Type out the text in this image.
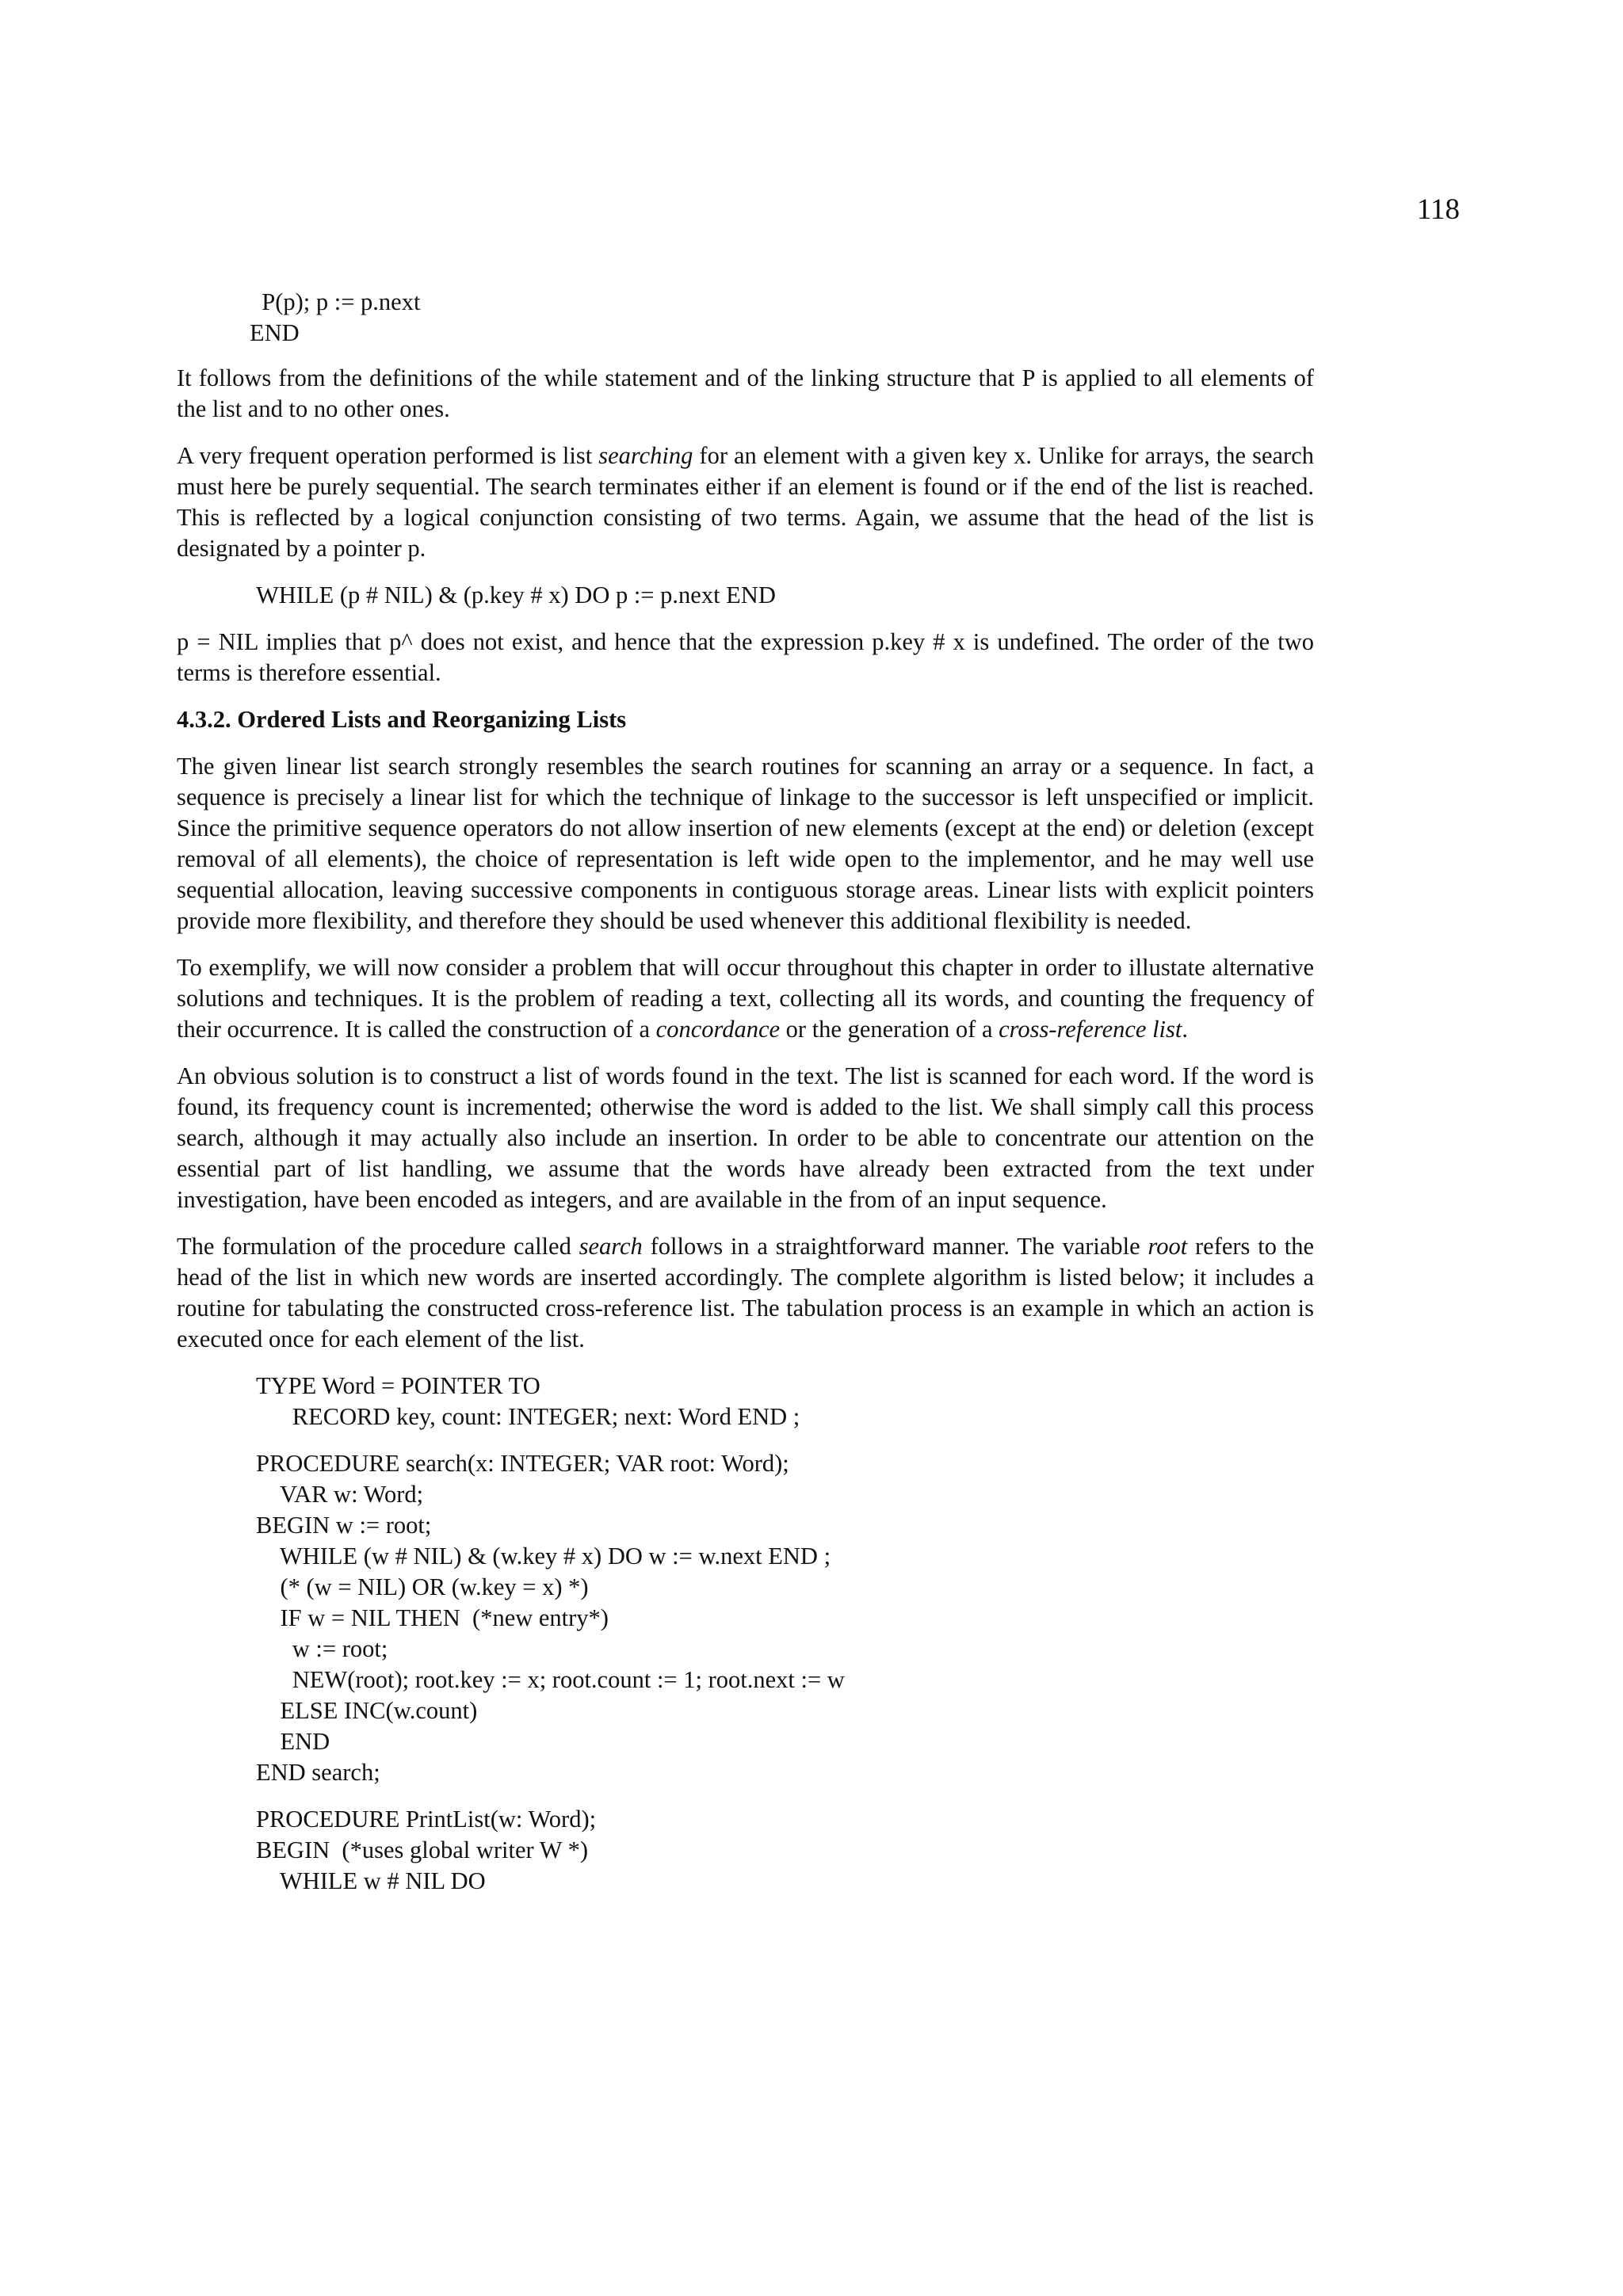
118
P(p); p := p.next
END

It follows from the definitions of the while statement and of the linking structure that P is applied to all elements of the list and to no other ones.

A very frequent operation performed is list searching for an element with a given key x. Unlike for arrays, the search must here be purely sequential. The search terminates either if an element is found or if the end of the list is reached. This is reflected by a logical conjunction consisting of two terms. Again, we assume that the head of the list is designated by a pointer p.

WHILE (p # NIL) & (p.key # x) DO p := p.next END

p = NIL implies that p^ does not exist, and hence that the expression p.key # x is undefined. The order of the two terms is therefore essential.

4.3.2. Ordered Lists and Reorganizing Lists

The given linear list search strongly resembles the search routines for scanning an array or a sequence. In fact, a sequence is precisely a linear list for which the technique of linkage to the successor is left unspecified or implicit. Since the primitive sequence operators do not allow insertion of new elements (except at the end) or deletion (except removal of all elements), the choice of representation is left wide open to the implementor, and he may well use sequential allocation, leaving successive components in contiguous storage areas. Linear lists with explicit pointers provide more flexibility, and therefore they should be used whenever this additional flexibility is needed.

To exemplify, we will now consider a problem that will occur throughout this chapter in order to illustate alternative solutions and techniques. It is the problem of reading a text, collecting all its words, and counting the frequency of their occurrence. It is called the construction of a concordance or the generation of a cross-reference list.

An obvious solution is to construct a list of words found in the text. The list is scanned for each word. If the word is found, its frequency count is incremented; otherwise the word is added to the list. We shall simply call this process search, although it may actually also include an insertion. In order to be able to concentrate our attention on the essential part of list handling, we assume that the words have already been extracted from the text under investigation, have been encoded as integers, and are available in the from of an input sequence.

The formulation of the procedure called search follows in a straightforward manner. The variable root refers to the head of the list in which new words are inserted accordingly. The complete algorithm is listed below; it includes a routine for tabulating the constructed cross-reference list. The tabulation process is an example in which an action is executed once for each element of the list.

TYPE Word = POINTER TO
RECORD key, count: INTEGER; next: Word END ;
PROCEDURE search(x: INTEGER; VAR root: Word);
VAR w: Word;
BEGIN w := root;
WHILE (w # NIL) & (w.key # x) DO w := w.next END ;
(* (w = NIL) OR (w.key = x) *)
IF w = NIL THEN  (*new entry*)
w := root;
NEW(root); root.key := x; root.count := 1; root.next := w
ELSE INC(w.count)
END
END search;
PROCEDURE PrintList(w: Word);
BEGIN  (*uses global writer W *)
WHILE w # NIL DO
